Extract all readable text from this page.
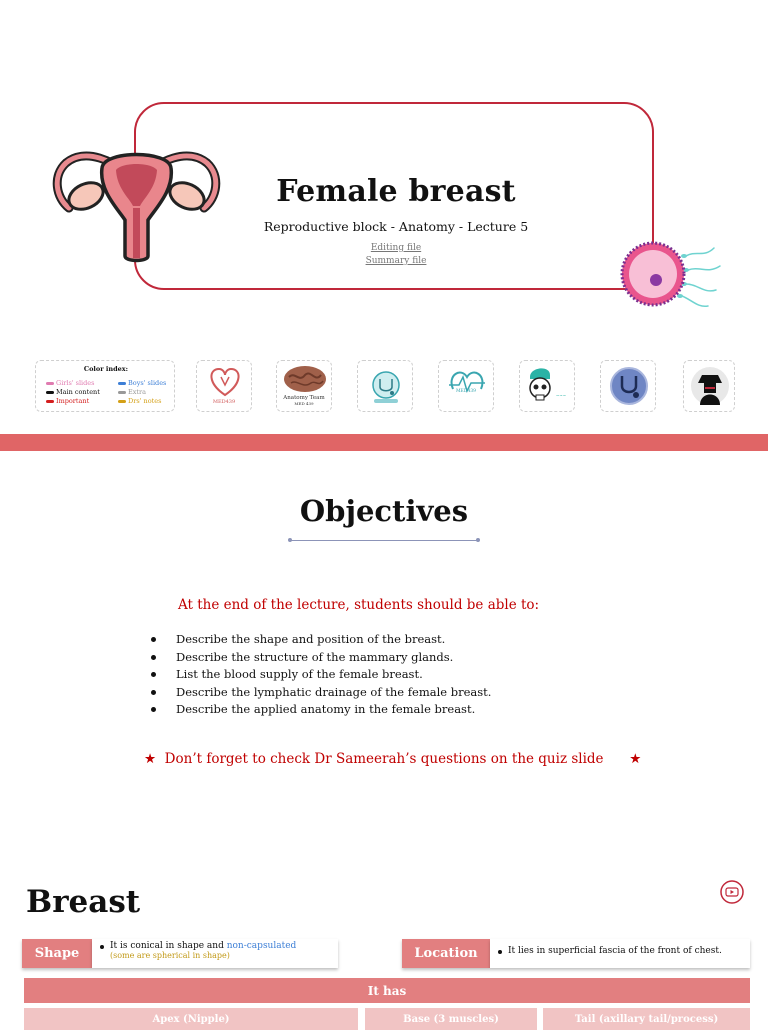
Female breast
Reproductive block - Anatomy - Lecture 5
Editing file
Summary file
Color index:
Girls' slides	Boys' slides
Main content	Extra
Important	Drs' notes	MED439
Anatomy Team
MED 439
MED439
~~~
Objectives
At the end of the lecture, students should be able to:
Describe the shape and position of the breast.
Describe the structure of the mammary glands.
List the blood supply of the female breast.
Describe the lymphatic drainage of the female breast.
Describe the applied anatomy in the female breast.
★  Don’t forget to check Dr Sameerah’s questions on the quiz slide      ★
Breast
Shape	It is conical in shape and non-capsulated
(some are spherical in shape)	Location	It lies in superficial fascia of the front of chest.
It has
Apex (Nipple)	Base (3 muscles)	Tail (axillary tail/process)
